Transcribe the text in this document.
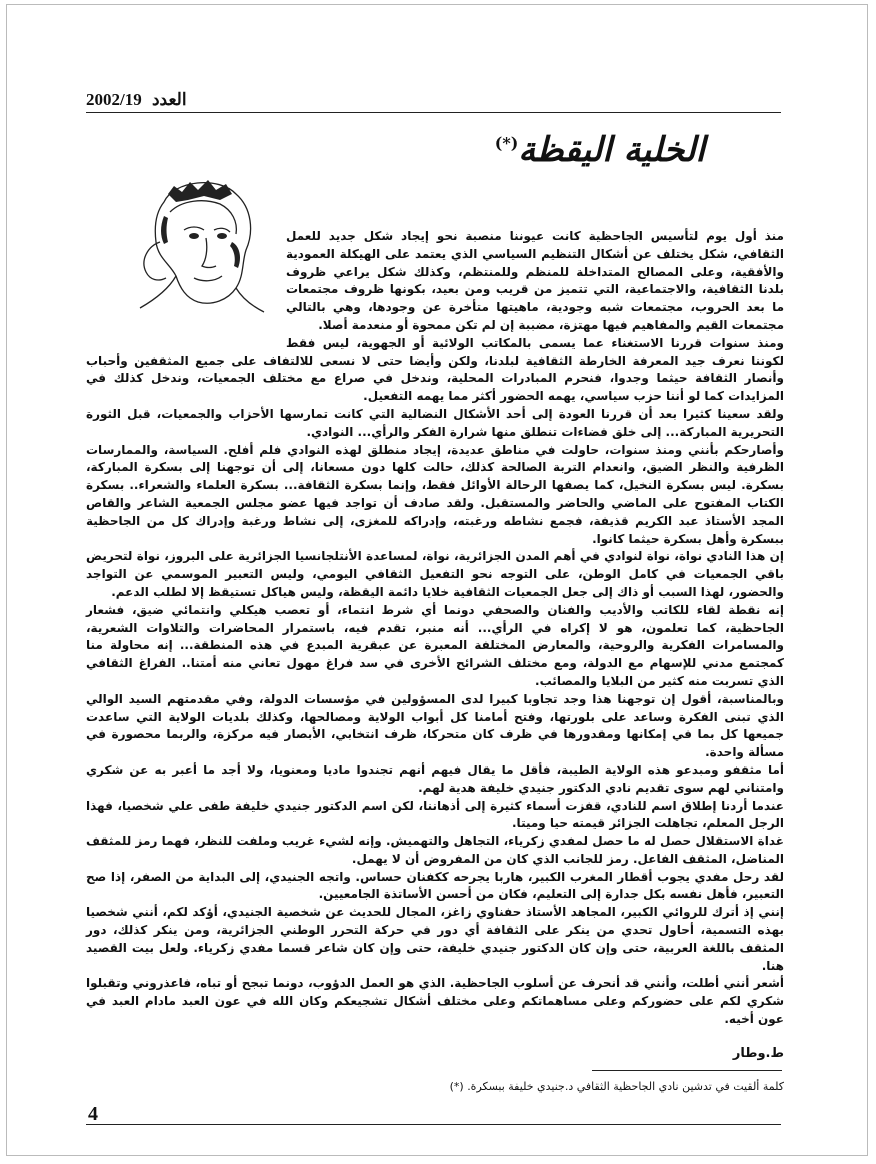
2002/19 العدد
الخلية اليقظة(*)

منذ أول يوم لتأسيس الجاحظية كانت عيوننا منصبة نحو إيجاد شكل جديد للعمل الثقافي، شكل يختلف عن أشكال التنظيم السياسي الذي يعتمد على الهيكلة العمودية والأفقية، وعلى المصالح المتداخلة للمنظم وللمنتظم، وكذلك شكل يراعي ظروف بلدنا الثقافية، والاجتماعية، التي تتميز من قريب ومن بعيد، بكونها ظروف مجتمعات ما بعد الحروب، مجتمعات شبه وجودية، ماهيتها متأخرة عن وجودها، وهي بالتالي مجتمعات القيم والمفاهيم فيها مهتزة، مضببة إن لم تكن ممحوة أو منعدمة أصلا.

ومنذ سنوات قررنا الاستغناء عما يسمى بالمكاتب الولائية أو الجهوية، ليس فقط لكوننا نعرف جيد المعرفة الخارطة الثقافية لبلدنا، ولكن وأيضا حتى لا نسعى للالتفاف على جميع المثقفين وأحباب وأنصار الثقافة حيثما وجدوا، فنحرم المبادرات المحلية، وندخل في صراع مع مختلف الجمعيات، وندخل كذلك في المزايدات كما لو أننا حزب سياسي، يهمه الحضور أكثر مما يهمه التفعيل.

ولقد سعينا كثيرا بعد أن قررنا العودة إلى أحد الأشكال النضالية التي كانت تمارسها الأحزاب والجمعيات، قبل الثورة التحريرية المباركة... إلى خلق فضاءات تنطلق منها شرارة الفكر والرأي... النوادي.

وأصارحكم بأنني ومنذ سنوات، حاولت في مناطق عديدة، إيجاد منطلق لهذه النوادي فلم أفلح. السياسة، والممارسات الظرفية والنظر الضيق، وانعدام التربة الصالحة كذلك، حالت كلها دون مسعانا، إلى أن توجهنا إلى بسكرة المباركة، بسكرة. ليس بسكرة النخيل، كما يصفها الرحالة الأوائل فقط، وإنما بسكرة الثقافة... بسكرة العلماء والشعراء.. بسكرة الكتاب المفتوح على الماضي والحاضر والمستقبل. ولقد صادف أن تواجد فيها عضو مجلس الجمعية الشاعر والقاص المجد الأستاذ عبد الكريم قذيفة، فجمع نشاطه ورغبته، وإدراكه للمغزى، إلى نشاط ورغبة وإدراك كل من الجاحظية ببسكرة وأهل بسكرة حيثما كانوا.

إن هذا النادي نواة، نواة لنوادي في أهم المدن الجزائرية، نواة، لمساعدة الأنتلجانسيا الجزائرية على البروز، نواة لتحريض باقي الجمعيات في كامل الوطن، على التوجه نحو التفعيل الثقافي اليومي، وليس التعبير الموسمي عن التواجد والحضور، لهذا السبب أو ذاك إلى جعل الجمعيات الثقافية خلايا دائمة اليقظة، وليس هياكل تستيقظ إلا لطلب الدعم.

إنه نقطة لقاء للكاتب والأديب والفنان والصحفي دونما أي شرط انتماء، أو تعصب هيكلي وانتمائي ضيق، فشعار الجاحظية، كما تعلمون، هو لا إكراه في الرأي... أنه منبر، تقدم فيه، باستمرار المحاضرات والتلاوات الشعرية، والمسامرات الفكرية والروحية، والمعارض المختلفة المعبرة عن عبقرية المبدع في هذه المنطقة... إنه محاولة منا كمجتمع مدني للإسهام مع الدولة، ومع مختلف الشرائح الأخرى في سد فراغ مهول تعاني منه أمتنا.. الفراغ الثقافي الذي تسربت منه كثير من البلايا والمصائب.

وبالمناسبة، أقول إن توجهنا هذا وجد تجاوبا كبيرا لدى المسؤولين في مؤسسات الدولة، وفي مقدمتهم السيد الوالي الذي تبنى الفكرة وساعد على بلورتها، وفتح أمامنا كل أبواب الولاية ومصالحها، وكذلك بلديات الولاية التي ساعدت جميعها كل بما في إمكانها ومقدورها في ظرف كان متحركا، ظرف انتخابي، الأبصار فيه مركزة، والربما محصورة في مسألة واحدة.

أما مثقفو ومبدعو هذه الولاية الطيبة، فأقل ما يقال فيهم أنهم تجندوا ماديا ومعنويا، ولا أجد ما أعبر به عن شكري وامتناني لهم سوى تقديم نادي الدكتور جنيدي خليفة هدية لهم.

عندما أردنا إطلاق اسم للنادي، قفزت أسماء كثيرة إلى أذهاننا، لكن اسم الدكتور جنيدي خليفة طفى علي شخصيا، فهذا الرجل المعلم، تجاهلت الجزائر قيمته حيا وميتا.

غداة الاستقلال حصل له ما حصل لمفدي زكرياء، التجاهل والتهميش. وإنه لشيء غريب وملفت للنظر، فهما رمز للمثقف المناضل، المثقف الفاعل. رمز للجانب الذي كان من المفروض أن لا يهمل.

لقد رحل مفدي يجوب أقطار المغرب الكبير، هاربا يجرحه ككفنان حساس. واتجه الجنيدي، إلى البداية من الصفر، إذا صح التعبير، فأهل نفسه بكل جدارة إلى التعليم، فكان من أحسن الأساتذة الجامعيين.

إنني إذ أترك للروائي الكبير، المجاهد الأستاذ حفناوي زاغز، المجال للحديث عن شخصية الجنيدي، أؤكد لكم، أنني شخصيا بهذه التسمية، أحاول تحدي من ينكر على الثقافة أي دور في حركة التحرر الوطني الجزائرية، ومن ينكر كذلك، دور المثقف باللغة العربية، حتى وإن كان الدكتور جنيدي خليفة، حتى وإن كان شاعر قسما مفدي زكرياء. ولعل بيت القصيد هنا.

أشعر أنني أطلت، وأنني قد أنحرف عن أسلوب الجاحظية. الذي هو العمل الدؤوب، دونما تبجح أو تباه، فاعذروني وتقبلوا شكري لكم على حضوركم وعلى مساهماتكم وعلى مختلف أشكال تشجيعكم وكان الله في عون العبد مادام العبد في عون أخيه.

ط.وطار
كلمة ألقيت في تدشين نادي الجاحظية الثقافي د.جنيدي خليفة ببسكرة. (*)
4
